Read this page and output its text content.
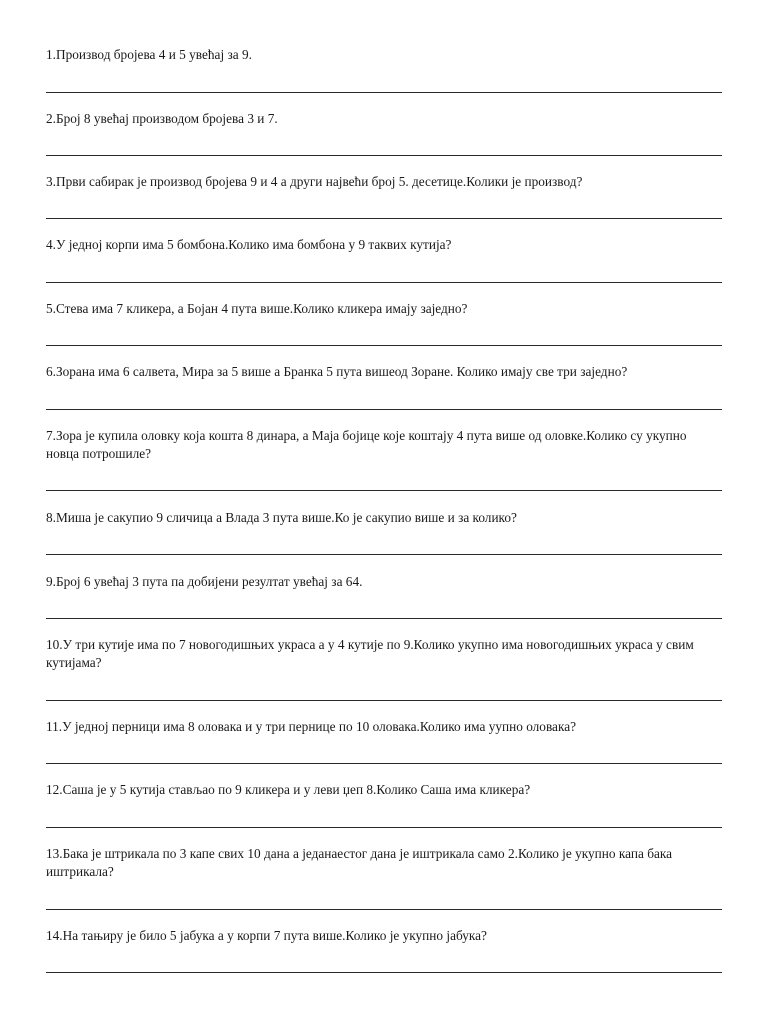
1.Производ бројева 4 и 5 увећај за 9.
2.Број 8 увећај производом бројева 3 и 7.
3.Први сабирак је производ бројева 9 и 4 а други највећи број 5. десетице.Колики је производ?
4.У једној корпи има 5 бомбона.Колико има бомбона у 9 таквих кутија?
5.Стева има 7 кликера, а Бојан 4 пута више.Колико кликера имају заједно?
6.Зорана има 6 салвета, Мира за 5 више а Бранка 5 пута вишеод Зоране. Колико имају све три заједно?
7.Зора је купила оловку која кошта 8 динара, а Маја бојице које коштају 4 пута више од оловке.Колико су укупно новца потрошиле?
8.Миша је сакупио 9 сличица а Влада 3 пута више.Ко је сакупио више и за колико?
9.Број 6 увећај 3 пута па добијени резултат увећај за 64.
10.У три кутије има по 7 новогодишњих украса а у 4 кутије по 9.Колико укупно има новогодишњих украса у свим кутијама?
11.У једној перници има 8 оловака и у три пернице по 10 оловака.Колико има уупно оловака?
12.Саша је у 5 кутија стављао по 9 кликера и у леви џеп 8.Колико Саша има кликера?
13.Бака је штрикала по 3 капе свих 10 дана а једанаестог дана је иштрикала само 2.Колико је укупно капа бака иштрикала?
14.На тањиру је било 5 јабука а у корпи 7 пута више.Колико је укупно јабука?
